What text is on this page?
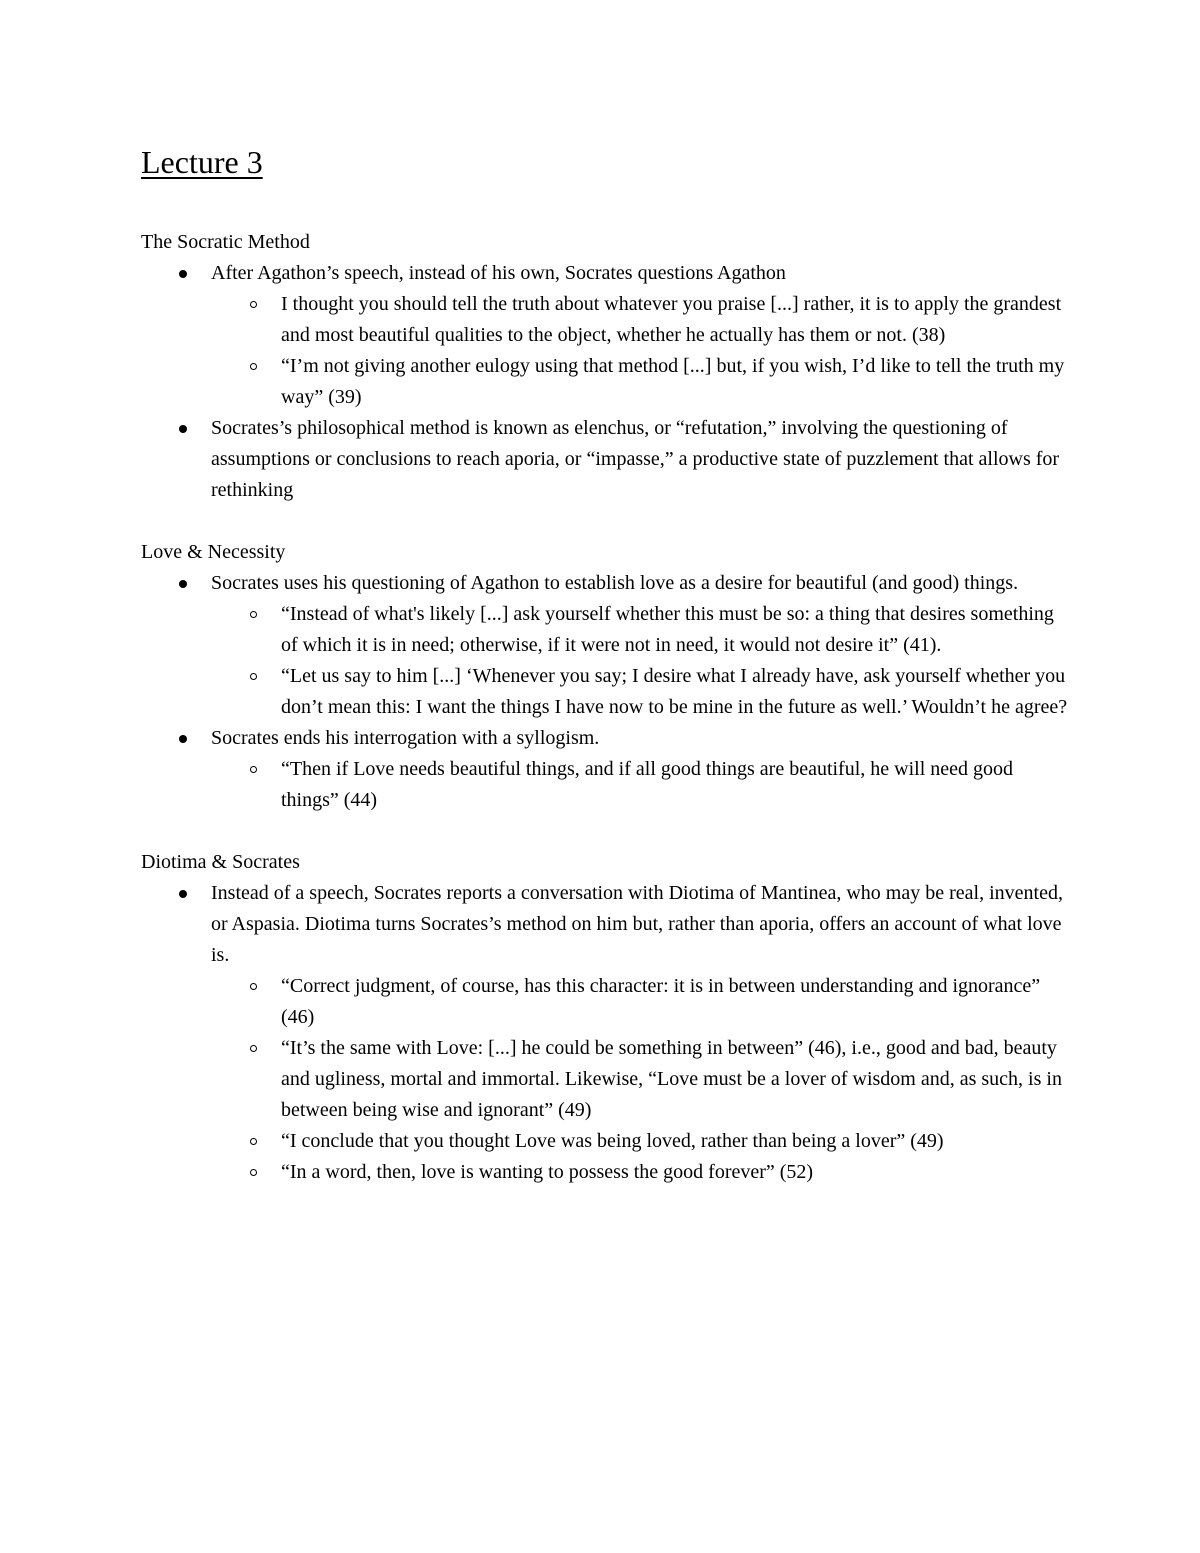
Lecture 3

The Socratic Method

After Agathon’s speech, instead of his own, Socrates questions Agathon
I thought you should tell the truth about whatever you praise [...] rather, it is to apply the grandest and most beautiful qualities to the object, whether he actually has them or not. (38)
“I’m not giving another eulogy using that method [...] but, if you wish, I’d like to tell the truth my way” (39)
Socrates’s philosophical method is known as elenchus, or “refutation,” involving the questioning of assumptions or conclusions to reach aporia, or “impasse,” a productive state of puzzlement that allows for rethinking

Love & Necessity

Socrates uses his questioning of Agathon to establish love as a desire for beautiful (and good) things.
“Instead of what's likely [...] ask yourself whether this must be so: a thing that desires something of which it is in need; otherwise, if it were not in need, it would not desire it” (41).
“Let us say to him [...] ‘Whenever you say; I desire what I already have, ask yourself whether you don’t mean this: I want the things I have now to be mine in the future as well.’ Wouldn’t he agree?
Socrates ends his interrogation with a syllogism.
“Then if Love needs beautiful things, and if all good things are beautiful, he will need good things” (44)

Diotima & Socrates

Instead of a speech, Socrates reports a conversation with Diotima of Mantinea, who may be real, invented, or Aspasia. Diotima turns Socrates’s method on him but, rather than aporia, offers an account of what love is.
“Correct judgment, of course, has this character: it is in between understanding and ignorance” (46)
“It’s the same with Love: [...] he could be something in between” (46), i.e., good and bad, beauty and ugliness, mortal and immortal. Likewise, “Love must be a lover of wisdom and, as such, is in between being wise and ignorant” (49)
“I conclude that you thought Love was being loved, rather than being a lover” (49)
“In a word, then, love is wanting to possess the good forever” (52)
